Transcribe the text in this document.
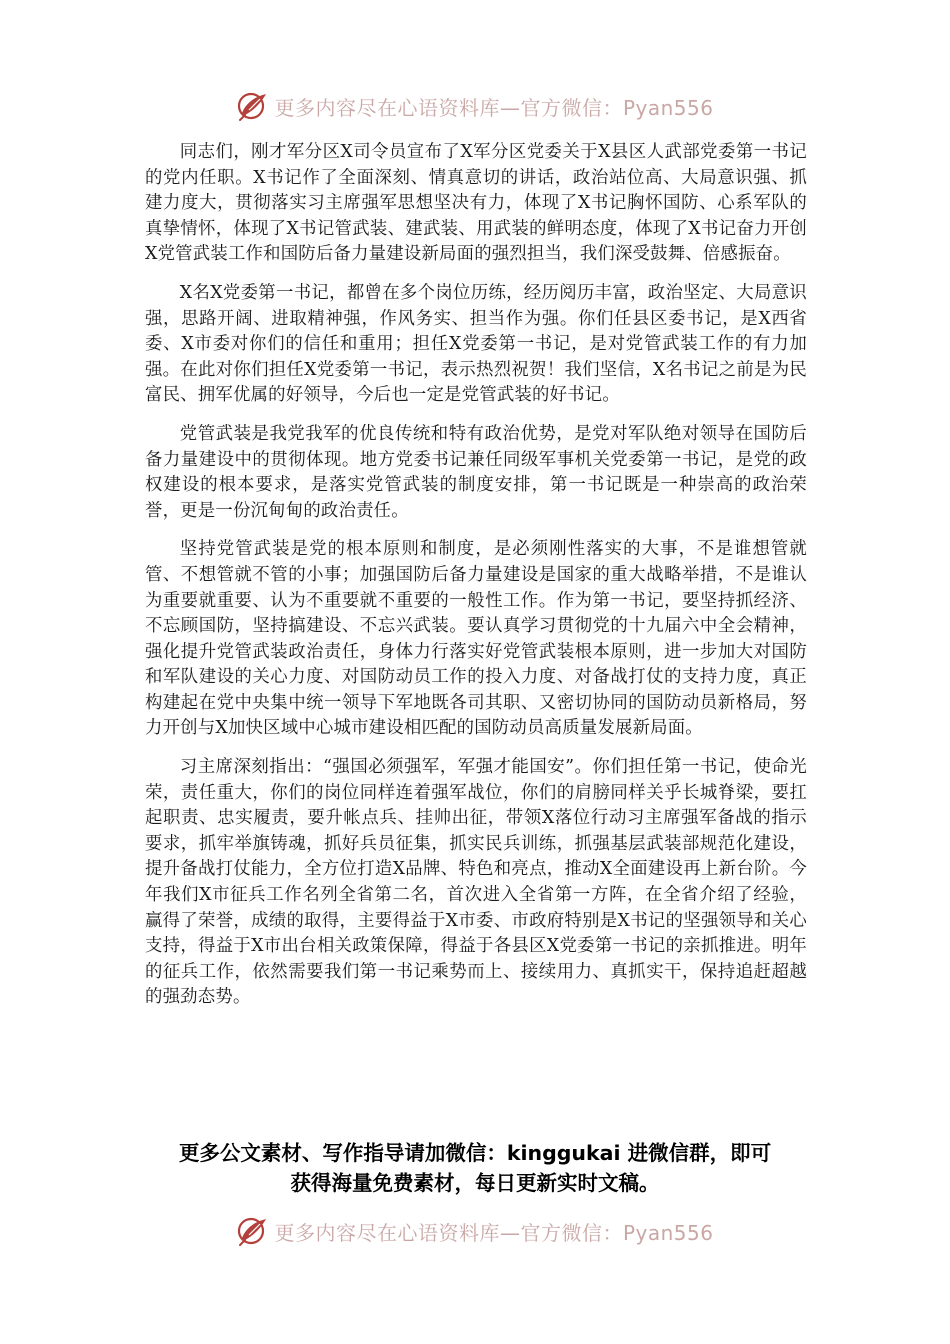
更多内容尽在心语资料库—官方微信：Pyan556

同志们，刚才军分区X司令员宣布了X军分区党委关于X县区人武部党委第一书记的党内任职。X书记作了全面深刻、情真意切的讲话，政治站位高、大局意识强、抓建力度大，贯彻落实习主席强军思想坚决有力，体现了X书记胸怀国防、心系军队的真挚情怀，体现了X书记管武装、建武装、用武装的鲜明态度，体现了X书记奋力开创X党管武装工作和国防后备力量建设新局面的强烈担当，我们深受鼓舞、倍感振奋。

X名X党委第一书记，都曾在多个岗位历练，经历阅历丰富，政治坚定、大局意识强，思路开阔、进取精神强，作风务实、担当作为强。你们任县区委书记，是X西省委、X市委对你们的信任和重用；担任X党委第一书记，是对党管武装工作的有力加强。在此对你们担任X党委第一书记，表示热烈祝贺！我们坚信，X名书记之前是为民富民、拥军优属的好领导，今后也一定是党管武装的好书记。

党管武装是我党我军的优良传统和特有政治优势，是党对军队绝对领导在国防后备力量建设中的贯彻体现。地方党委书记兼任同级军事机关党委第一书记，是党的政权建设的根本要求，是落实党管武装的制度安排，第一书记既是一种崇高的政治荣誉，更是一份沉甸甸的政治责任。

坚持党管武装是党的根本原则和制度，是必须刚性落实的大事，不是谁想管就管、不想管就不管的小事；加强国防后备力量建设是国家的重大战略举措，不是谁认为重要就重要、认为不重要就不重要的一般性工作。作为第一书记，要坚持抓经济、不忘顾国防，坚持搞建设、不忘兴武装。要认真学习贯彻党的十九届六中全会精神，强化提升党管武装政治责任，身体力行落实好党管武装根本原则，进一步加大对国防和军队建设的关心力度、对国防动员工作的投入力度、对备战打仗的支持力度，真正构建起在党中央集中统一领导下军地既各司其职、又密切协同的国防动员新格局，努力开创与X加快区域中心城市建设相匹配的国防动员高质量发展新局面。

习主席深刻指出：“强国必须强军，军强才能国安”。你们担任第一书记，使命光荣，责任重大，你们的岗位同样连着强军战位，你们的肩膀同样关乎长城脊梁，要扛起职责、忠实履责，要升帐点兵、挂帅出征，带领X落位行动习主席强军备战的指示要求，抓牢举旗铸魂，抓好兵员征集，抓实民兵训练，抓强基层武装部规范化建设，提升备战打仗能力，全方位打造X品牌、特色和亮点，推动X全面建设再上新台阶。今年我们X市征兵工作名列全省第二名，首次进入全省第一方阵，在全省介绍了经验，赢得了荣誉，成绩的取得，主要得益于X市委、市政府特别是X书记的坚强领导和关心支持，得益于X市出台相关政策保障，得益于各县区X党委第一书记的亲抓推进。明年的征兵工作，依然需要我们第一书记乘势而上、接续用力、真抓实干，保持追赶超越的强劲态势。

更多公文素材、写作指导请加微信：kinggukai 进微信群，即可
获得海量免费素材，每日更新实时文稿。
更多内容尽在心语资料库—官方微信：Pyan556
